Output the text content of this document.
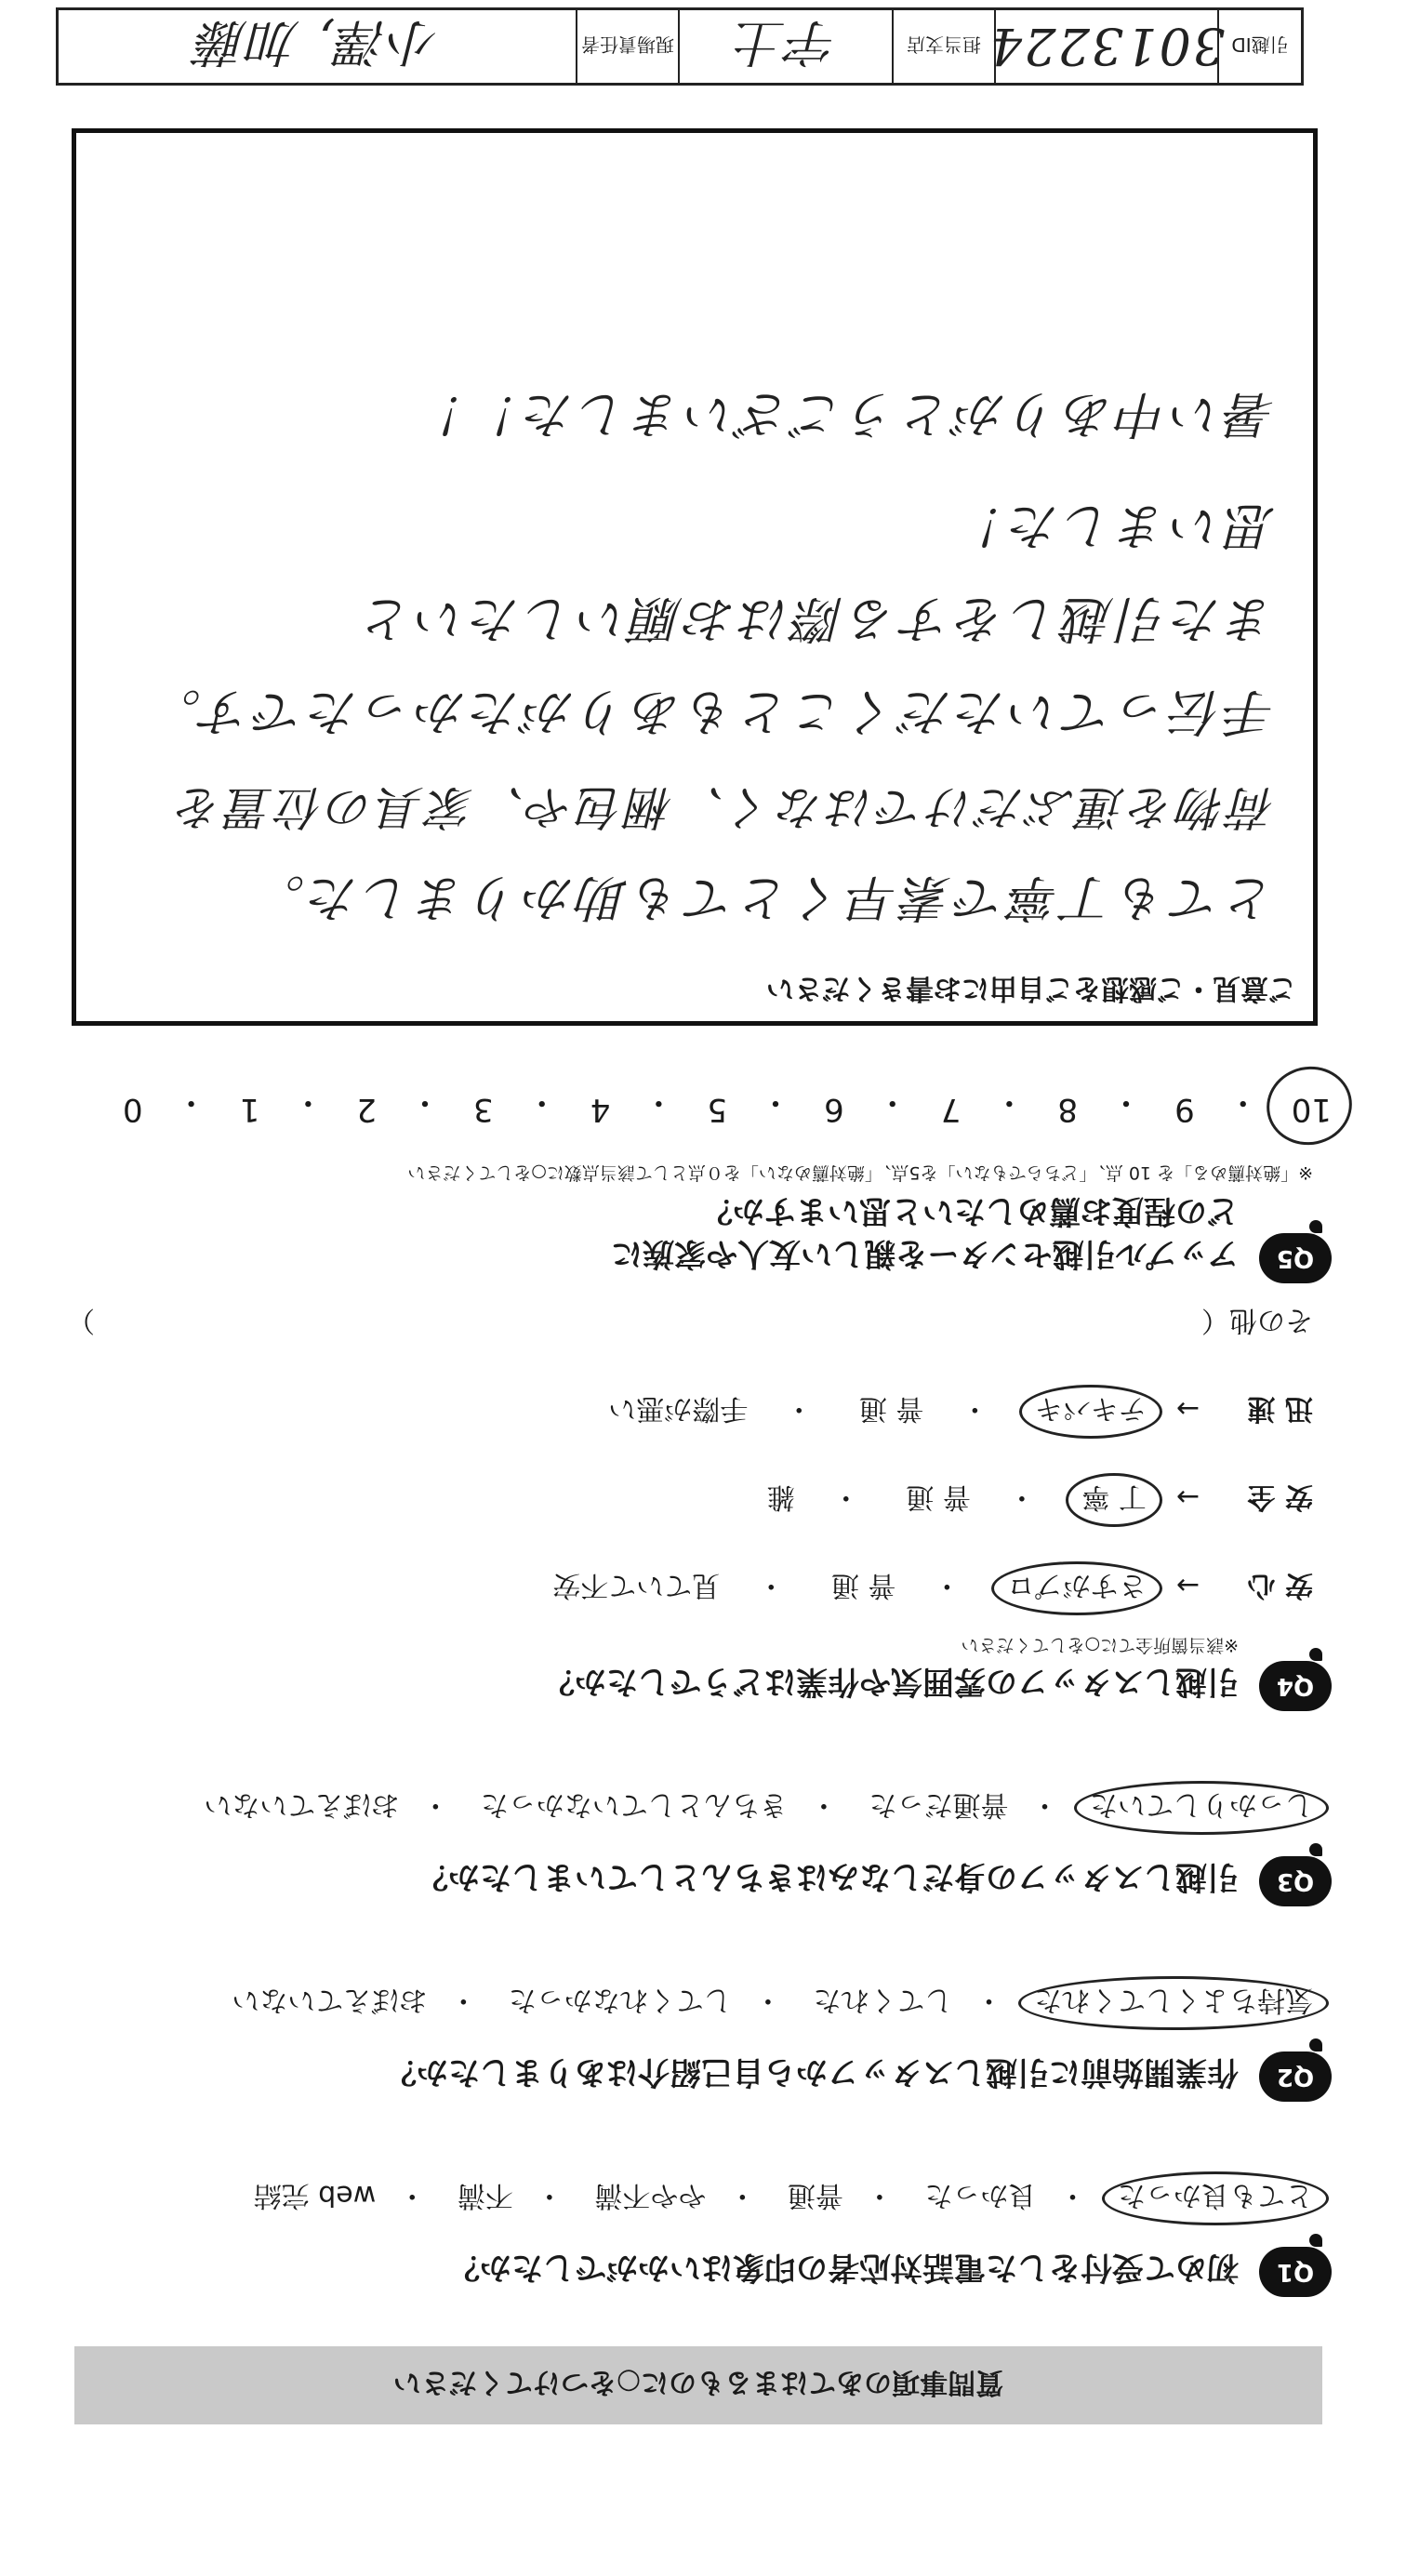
質問事項のあてはまるものに○をつけてください
Q1
初めて受付をした電話対応者の印象はいかがでしたか？
とても良かった ・良かった ・普通 ・やや不満 ・不満 ・web 完結
Q2
作業開始前に引越しスタッフから自己紹介はありましたか？
気持ちよくしてくれた ・してくれた ・してくれなかった ・おぼえていない
Q3
引越しスタッフの身だしなみはきちんとしていましたか？
しっかりしていた ・普通だった ・きちんとしていなかった ・おぼえていない
Q4
引越しスタッフの雰囲気や作業はどうでしたか？
※該当箇所全てに○をしてください
安 心 → さすがプロ ・普 通 ・見ていて不安
安 全 → 丁 寧 ・普 通 ・雑
迅 速 → テキパキ ・普 通 ・手際が悪い
その他（
）
Q5
アップル引越センターを親しい友人や家族に
どの程度お薦めしたいと思いますか？
※「絶対薦める」を 10 点、「どちらでもない」を5点、「絶対薦めない」を０点として該当点数に○をしてください
10
・
9
・
8
・
7
・
6
・
5
・
4
・
3
・
2
・
1
・
0
ご意見・ご感想をご自由にお書きください
とても丁寧で素早くとても助かりました。
荷物を運ぶだけではなく、梱包や、家具の位置を
手伝っていただくこともありがたかったです。
また引越しをする際はお願いしたいと
思いました！
暑い中ありがとうございました！！
引越ID
3013224
担当支店
宇土
現場責任者
小澤, 加藤
